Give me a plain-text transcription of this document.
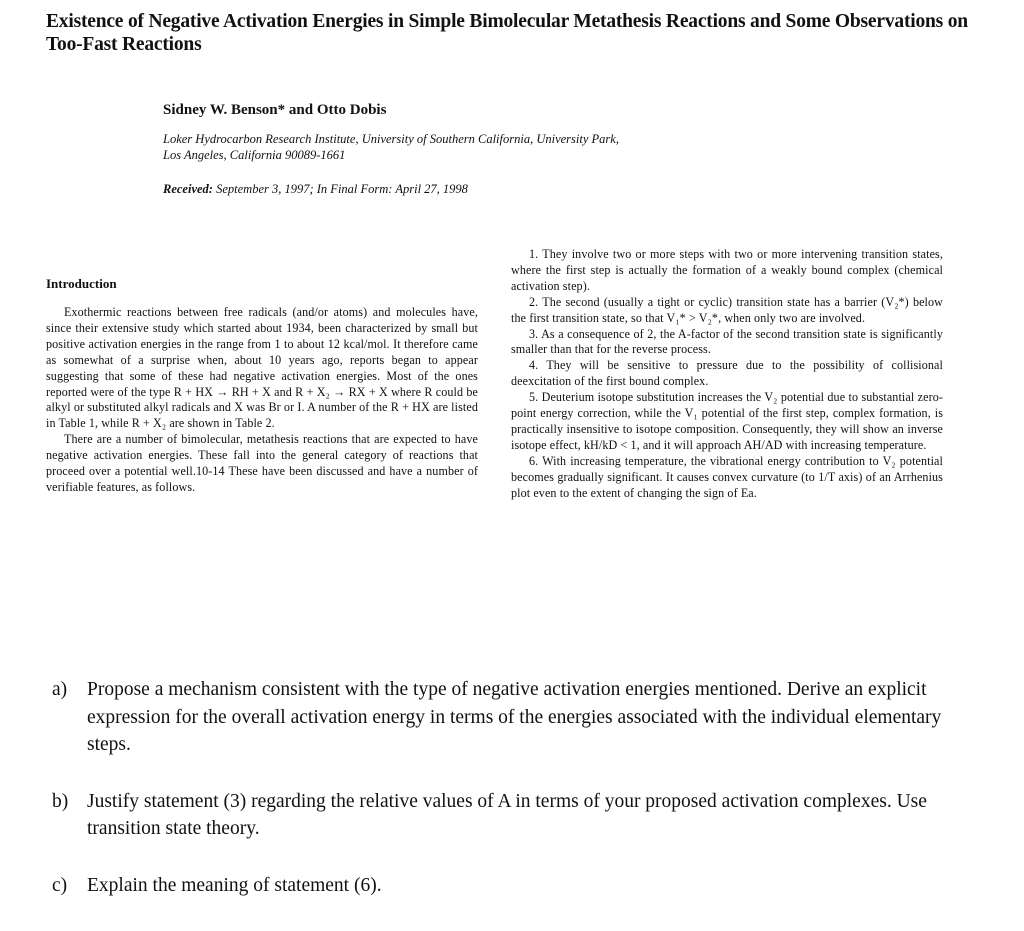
Existence of Negative Activation Energies in Simple Bimolecular Metathesis Reactions and Some Observations on Too-Fast Reactions
Sidney W. Benson* and Otto Dobis
Loker Hydrocarbon Research Institute, University of Southern California, University Park,
Los Angeles, California 90089-1661
Received: September 3, 1997; In Final Form: April 27, 1998
Introduction

Exothermic reactions between free radicals (and/or atoms) and molecules have, since their extensive study which started about 1934, been characterized by small but positive activation energies in the range from 1 to about 12 kcal/mol. It therefore came as somewhat of a surprise when, about 10 years ago, reports began to appear suggesting that some of these had negative activation energies. Most of the ones reported were of the type R + HX → RH + X and R + X₂ → RX + X where R could be alkyl or substituted alkyl radicals and X was Br or I. A number of the R + HX are listed in Table 1, while R + X₂ are shown in Table 2.

There are a number of bimolecular, metathesis reactions that are expected to have negative activation energies. These fall into the general category of reactions that proceed over a potential well.10-14 These have been discussed and have a number of verifiable features, as follows.

1. They involve two or more steps with two or more intervening transition states, where the first step is actually the formation of a weakly bound complex (chemical activation step).

2. The second (usually a tight or cyclic) transition state has a barrier (V₂*) below the first transition state, so that V₁* > V₂*, when only two are involved.

3. As a consequence of 2, the A-factor of the second transition state is significantly smaller than that for the reverse process.

4. They will be sensitive to pressure due to the possibility of collisional deexcitation of the first bound complex.

5. Deuterium isotope substitution increases the V₂ potential due to substantial zero-point energy correction, while the V₁ potential of the first step, complex formation, is practically insensitive to isotope composition. Consequently, they will show an inverse isotope effect, kH/kD < 1, and it will approach AH/AD with increasing temperature.

6. With increasing temperature, the vibrational energy contribution to V₂ potential becomes gradually significant. It causes convex curvature (to 1/T axis) of an Arrhenius plot even to the extent of changing the sign of Ea.

a)	Propose a mechanism consistent with the type of negative activation energies mentioned. Derive an explicit expression for the overall activation energy in terms of the energies associated with the individual elementary steps.
b) Justify statement (3) regarding the relative values of A in terms of your proposed activation complexes. Use transition state theory.
c)	Explain the meaning of statement (6).
